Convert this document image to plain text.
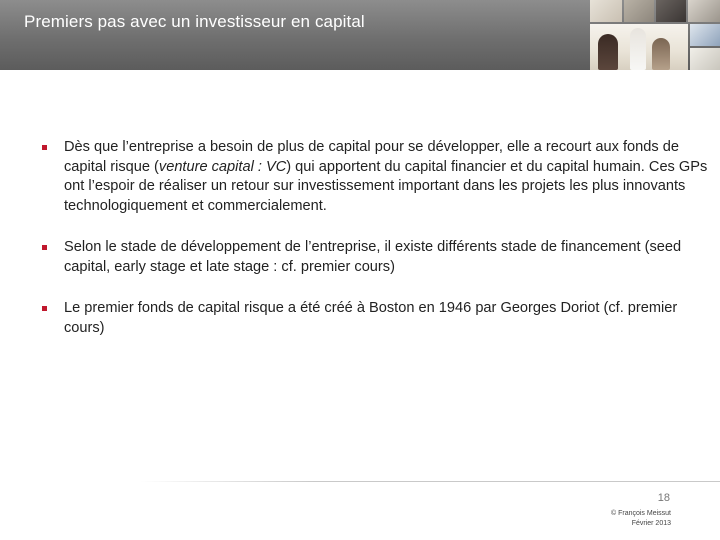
Premiers pas avec un investisseur en capital
Dès que l’entreprise a besoin de plus de capital pour se développer, elle a recourt aux fonds de capital risque (venture capital : VC) qui apportent du capital financier et du capital humain. Ces GPs ont l’espoir de réaliser un retour sur investissement important dans les projets les plus innovants technologiquement et commercialement.
Selon le stade de développement de l’entreprise, il existe différents stade de financement (seed capital, early stage et late stage : cf. premier cours)
Le premier fonds de capital risque a été créé à Boston en 1946 par Georges Doriot (cf. premier cours)
18
© François Meissut
Février 2013
